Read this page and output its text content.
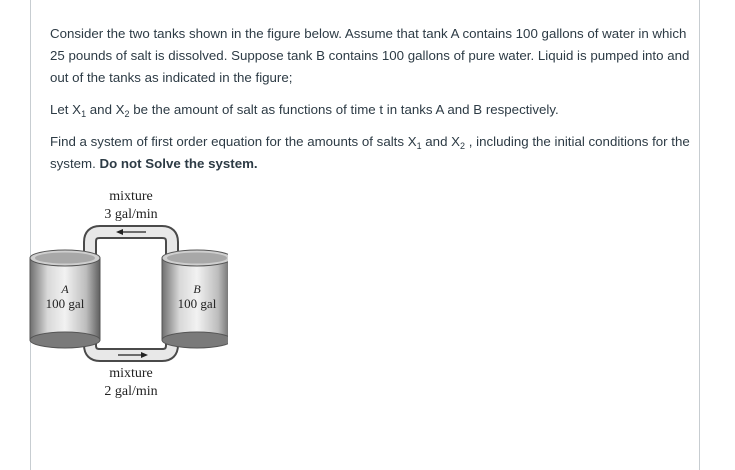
Consider the two tanks shown in the figure below. Assume that tank A contains 100 gallons of water in which 25 pounds of salt is dissolved. Suppose tank B contains 100 gallons of pure water. Liquid is pumped into and out of the tanks as indicated in the figure;

Let $X_1$ and $X_2$ be the amount of salt as functions of time t in tanks A and B respectively.

Find a system of first order equation for the amounts of salts $X_1$ and $X_2$ , including the initial conditions for the system. Do not Solve the system.

mixture
3 gal/min
A
100 gal
B
100 gal
mixture
2 gal/min
